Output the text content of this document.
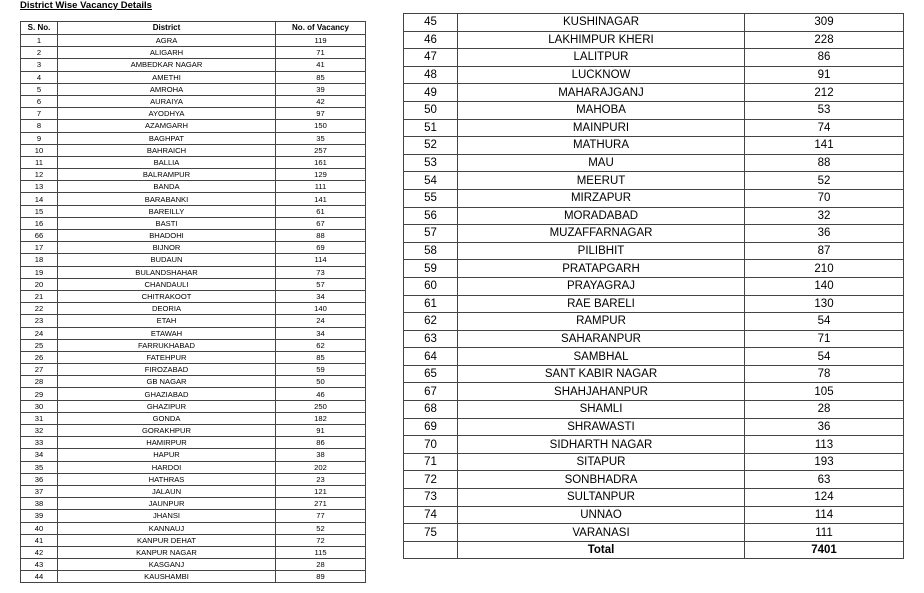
District Wise Vacancy Details
S. No.	District	No. of Vacancy
1	AGRA	119
2	ALIGARH	71
3	AMBEDKAR NAGAR	41
4	AMETHI	85
5	AMROHA	39
6	AURAIYA	42
7	AYODHYA	97
8	AZAMGARH	150
9	BAGHPAT	35
10	BAHRAICH	257
11	BALLIA	161
12	BALRAMPUR	129
13	BANDA	111
14	BARABANKI	141
15	BAREILLY	61
16	BASTI	67
66	BHADOHI	88
17	BIJNOR	69
18	BUDAUN	114
19	BULANDSHAHAR	73
20	CHANDAULI	57
21	CHITRAKOOT	34
22	DEORIA	140
23	ETAH	24
24	ETAWAH	34
25	FARRUKHABAD	62
26	FATEHPUR	85
27	FIROZABAD	59
28	GB NAGAR	50
29	GHAZIABAD	46
30	GHAZIPUR	250
31	GONDA	182
32	GORAKHPUR	91
33	HAMIRPUR	86
34	HAPUR	38
35	HARDOI	202
36	HATHRAS	23
37	JALAUN	121
38	JAUNPUR	271
39	JHANSI	77
40	KANNAUJ	52
41	KANPUR DEHAT	72
42	KANPUR NAGAR	115
43	KASGANJ	28
44	KAUSHAMBI	89
45	KUSHINAGAR	309
46	LAKHIMPUR KHERI	228
47	LALITPUR	86
48	LUCKNOW	91
49	MAHARAJGANJ	212
50	MAHOBA	53
51	MAINPURI	74
52	MATHURA	141
53	MAU	88
54	MEERUT	52
55	MIRZAPUR	70
56	MORADABAD	32
57	MUZAFFARNAGAR	36
58	PILIBHIT	87
59	PRATAPGARH	210
60	PRAYAGRAJ	140
61	RAE BARELI	130
62	RAMPUR	54
63	SAHARANPUR	71
64	SAMBHAL	54
65	SANT KABIR NAGAR	78
67	SHAHJAHANPUR	105
68	SHAMLI	28
69	SHRAWASTI	36
70	SIDHARTH NAGAR	113
71	SITAPUR	193
72	SONBHADRA	63
73	SULTANPUR	124
74	UNNAO	114
75	VARANASI	111
	Total	7401
